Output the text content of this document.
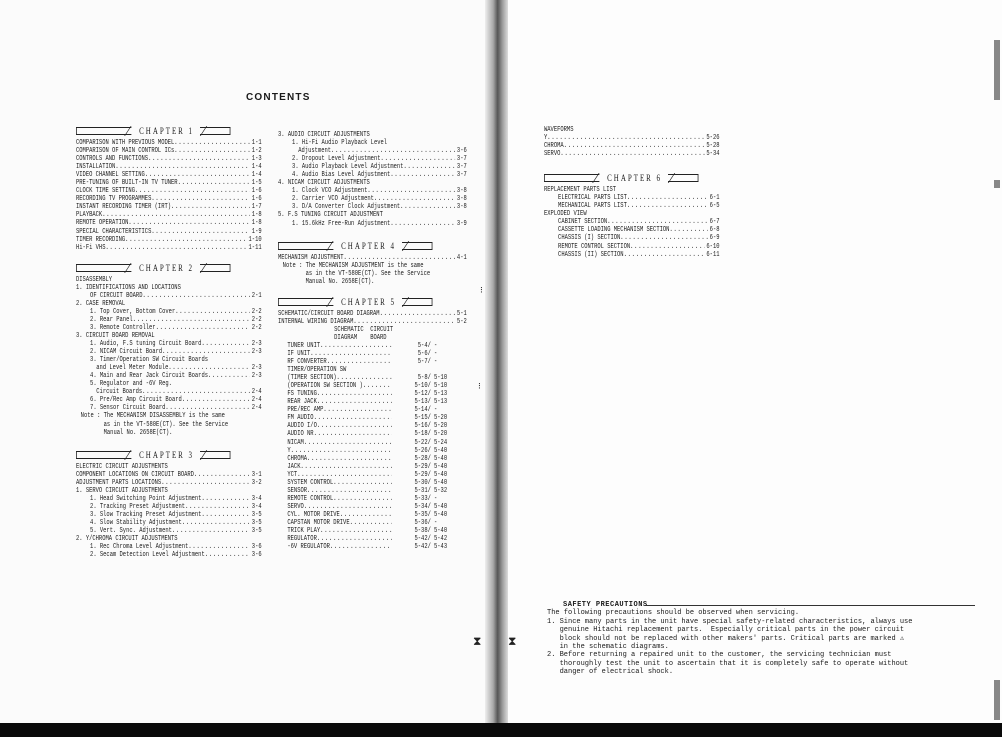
CONTENTS
CHAPTER 1
COMPARISON WITH PREVIOUS MODEL .....	1-1
COMPARISON OF MAIN CONTROL ICs .....	1-2
CONTROLS AND FUNCTIONS .....	1-3
INSTALLATION .....	1-4
VIDEO CHANNEL SETTING .....	1-4
PRE-TUNING OF BUILT-IN TV TUNER .....	1-5
CLOCK TIME SETTING .....	1-6
RECORDING TV PROGRAMMES .....	1-6
INSTANT RECORDING TIMER (IRT) .....	1-7
PLAYBACK .....	1-8
REMOTE OPERATION .....	1-8
SPECIAL CHARACTERISTICS .....	1-9
TIMER RECORDING .....	1-10
Hi-Fi VHS .....	1-11
CHAPTER 2
DISASSEMBLY
1. IDENTIFICATIONS AND LOCATIONS
OF CIRCUIT BOARD .....	2-1
2. CASE REMOVAL
1. Top Cover, Bottom Cover .....	2-2
2. Rear Panel .....	2-2
3. Remote Controller .....	2-2
3. CIRCUIT BOARD REMOVAL
1. Audio, F.S tuning Circuit Board .....	2-3
2. NICAM Circuit Board .....	2-3
3. Timer/Operation SW Circuit Boards
and Level Meter Module .....	2-3
4. Main and Rear Jack Circuit Boards .....	2-3
5. Regulator and -6V Reg.
Circuit Boards .....	2-4
6. Pre/Rec Amp Circuit Board .....	2-4
7. Sensor Circuit Board .....	2-4
Note : The MECHANISM DISASSEMBLY is the same
as in the VT-580E(CT). See the Service
Manual No. 2658E(CT).
CHAPTER 3
ELECTRIC CIRCUIT ADJUSTMENTS
COMPONENT LOCATIONS ON CIRCUIT BOARD .....	3-1
ADJUSTMENT PARTS LOCATIONS .....	3-2
1. SERVO CIRCUIT ADJUSTMENTS
1. Head Switching Point Adjustment .....	3-4
2. Tracking Preset Adjustment .....	3-4
3. Slow Tracking Preset Adjustment .....	3-5
4. Slow Stability Adjustment .....	3-5
5. Vert. Sync. Adjustment .....	3-5
2. Y/CHROMA CIRCUIT ADJUSTMENTS
1. Rec Chroma Level Adjustment .....	3-6
2. Secam Detection Level Adjustment .....	3-6
3. AUDIO CIRCUIT ADJUSTMENTS
1. Hi-Fi Audio Playback Level
Adjustment .....	3-6
2. Dropout Level Adjustment .....	3-7
3. Audio Playback Level Adjustment .....	3-7
4. Audio Bias Level Adjustment .....	3-7
4. NICAM CIRCUIT ADJUSTMENTS
1. Clock VCO Adjustment .....	3-8
2. Carrier VCO Adjustment .....	3-8
3. D/A Converter Clock Adjustment .....	3-8
5. F.S TUNING CIRCUIT ADJUSTMENT
1. 15.6kHz Free-Run Adjustment .....	3-9
CHAPTER 4
MECHANISM ADJUSTMENT .....	4-1
Note : The MECHANISM ADJUSTMENT is the same
as in the VT-580E(CT). See the Service
Manual No. 2658E(CT).
CHAPTER 5
SCHEMATIC/CIRCUIT BOARD DIAGRAM .....	5-1
INTERNAL WIRING DIAGRAM .....	5-2
SCHEMATIC  CIRCUIT
DIAGRAM    BOARD
TUNER UNIT .....	5-4 / -
IF UNIT .....	5-6 / -
RF CONVERTER .....	5-7 / -
TIMER/OPERATION SW
(TIMER SECTION) .....	5-8 / 5-10
(OPERATION SW SECTION ) .....	5-10 / 5-10
FS TUNING .....	5-12 / 5-13
REAR JACK .....	5-13 / 5-13
PRE/REC AMP .....	5-14 / -
FM AUDIO .....	5-15 / 5-20
AUDIO I/O .....	5-16 / 5-20
AUDIO NR .....	5-18 / 5-20
NICAM .....	5-22 / 5-24
Y .....	5-26 / 5-40
CHROMA .....	5-28 / 5-40
JACK .....	5-29 / 5-40
YCT .....	5-29 / 5-40
SYSTEM CONTROL .....	5-30 / 5-40
SENSOR .....	5-31 / 5-32
REMOTE CONTROL .....	5-33 / -
SERVO .....	5-34 / 5-40
CYL. MOTOR DRIVE .....	5-35 / 5-40
CAPSTAN MOTOR DRIVE .....	5-36 / -
TRICK PLAY .....	5-38 / 5-40
REGULATOR .....	5-42 / 5-42
-6V REGULATOR .....	5-42 / 5-43
WAVEFORMS
Y .....	5-26
CHROMA .....	5-28
SERVO .....	5-34
CHAPTER 6
REPLACEMENT PARTS LIST
ELECTRICAL PARTS LIST .....	6-1
MECHANICAL PARTS LIST .....	6-5
EXPLODED VIEW
CABINET SECTION .....	6-7
CASSETTE LOADING MECHANISM SECTION .....	6-8
CHASSIS (I) SECTION .....	6-9
REMOTE CONTROL SECTION .....	6-10
CHASSIS (II) SECTION .....	6-11
SAFETY PRECAUTIONS
The following precautions should be observed when servicing.
1. Since many parts in the unit have special safety-related characteristics, always use
genuine Hitachi replacement parts.  Especially critical parts in the power circuit
block should not be replaced with other makers' parts. Critical parts are marked ⚠
in the schematic diagrams.
2. Before returning a repaired unit to the customer, the servicing technician must
thoroughly test the unit to ascertain that it is completely safe to operate without
danger of electrical shock.
⧗ ⧗
⁝
⁝
